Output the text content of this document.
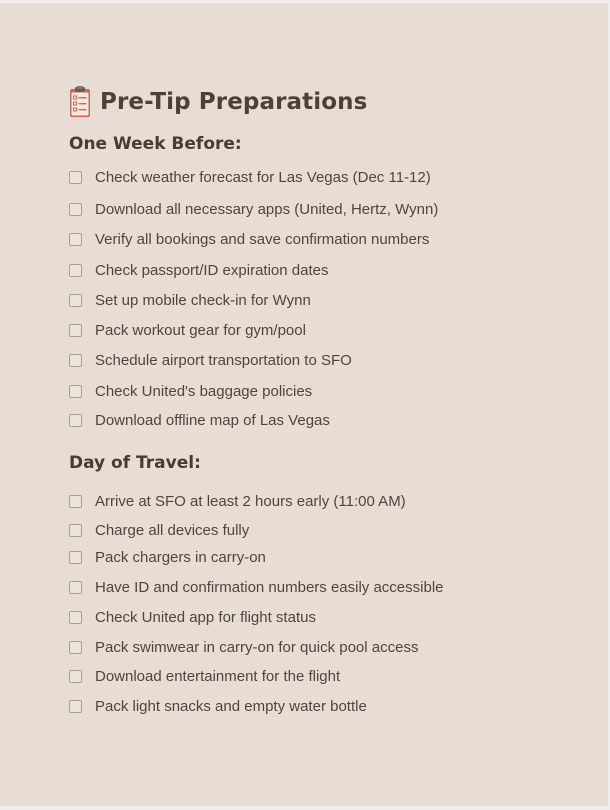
Pre-Tip Preparations
One Week Before:
Check weather forecast for Las Vegas (Dec 11-12)
Download all necessary apps (United, Hertz, Wynn)
Verify all bookings and save confirmation numbers
Check passport/ID expiration dates
Set up mobile check-in for Wynn
Pack workout gear for gym/pool
Schedule airport transportation to SFO
Check United's baggage policies
Download offline map of Las Vegas
Day of Travel:
Arrive at SFO at least 2 hours early (11:00 AM)
Charge all devices fully
Pack chargers in carry-on
Have ID and confirmation numbers easily accessible
Check United app for flight status
Pack swimwear in carry-on for quick pool access
Download entertainment for the flight
Pack light snacks and empty water bottle
